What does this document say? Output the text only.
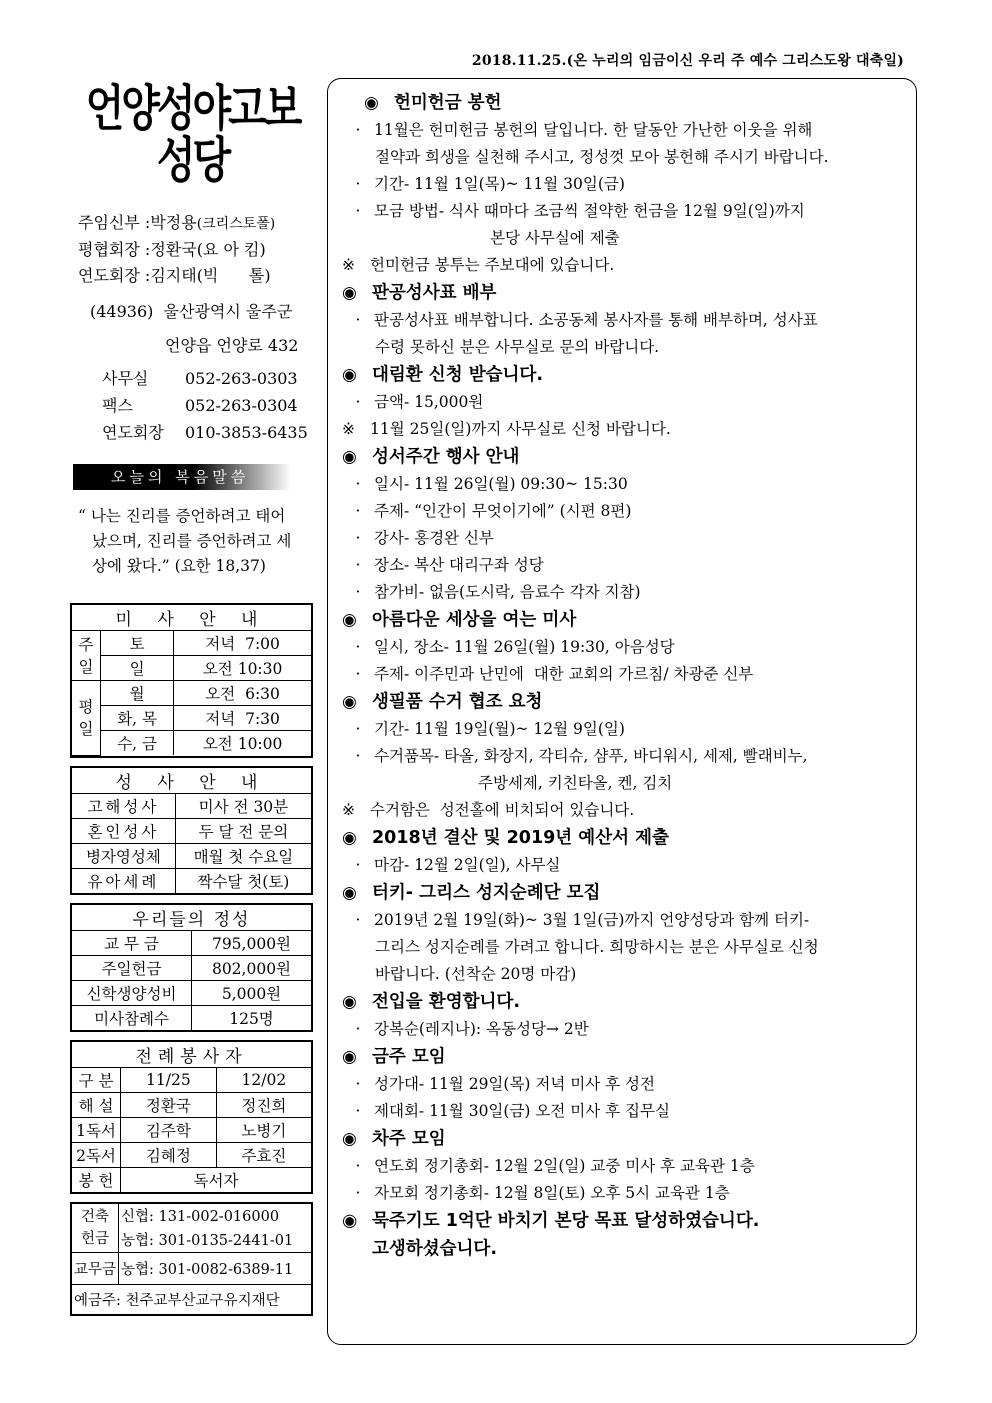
2018.11.25.(온 누리의 임금이신 우리 주 예수 그리스도왕 대축일)
언양성야고보
성당
주임신부 :박정용(크리스토폴)
평협회장 :정환국(요 아 킴)
연도회장 :김지태(빅      톨)
(44936)  울산광역시 울주군
언양읍 언양로 432
사무실 052-263-0303
팩스	052-263-0304
연도회장 010-3853-6435
오늘의 복음말씀
“ 나는 진리를 증언하려고 태어
났으며, 진리를 증언하려고 세
상에 왔다.” (요한 18,37)
미 사 안 내		
주일	토	저녁  7:00
	일	오전 10:30
평일	월	오전  6:30
	화, 목	저녁  7:30
	수, 금	오전 10:00
성 사 안 내	
고해성사	미사 전 30분
혼인성사	두 달 전 문의
병자영성체	매월 첫 수요일
유아세례	짝수달 첫(토)
우리들의 정성	
교 무 금	795,000원
주일헌금	802,000원
신학생양성비	5,000원
미사참례수	125명
전례봉사자		
구 분	11/25	12/02
해 설	정환국	정진희
1독서	김주학	노병기
2독서	김혜정	주효진
봉 헌	독서자	
건축헌금	신협: 131-002-016000
	농협: 301-0135-2441-01
교무금	농협: 301-0082-6389-11
예금주: 천주교부산교구유지재단	
◉ 헌미헌금 봉헌
· 11월은 헌미헌금 봉헌의 달입니다. 한 달동안 가난한 이웃을 위해
절약과 희생을 실천해 주시고, 정성껏 모아 봉헌해 주시기 바랍니다.
· 기간- 11월 1일(목)~ 11월 30일(금)
· 모금 방법- 식사 때마다 조금씩 절약한 헌금을 12월 9일(일)까지
본당 사무실에 제출
※ 헌미헌금 봉투는 주보대에 있습니다.
◉ 판공성사표 배부
· 판공성사표 배부합니다. 소공동체 봉사자를 통해 배부하며, 성사표
수령 못하신 분은 사무실로 문의 바랍니다.
◉ 대림환 신청 받습니다.
· 금액- 15,000원
※ 11월 25일(일)까지 사무실로 신청 바랍니다.
◉ 성서주간 행사 안내
· 일시- 11월 26일(월) 09:30~ 15:30
· 주제- “인간이 무엇이기에” (시편 8편)
· 강사- 홍경완 신부
· 장소- 복산 대리구좌 성당
· 참가비- 없음(도시락, 음료수 각자 지참)
◉ 아름다운 세상을 여는 미사
· 일시, 장소- 11월 26일(월) 19:30, 아음성당
· 주제- 이주민과 난민에  대한 교회의 가르침/ 차광준 신부
◉ 생필품 수거 협조 요청
· 기간- 11월 19일(월)~ 12월 9일(일)
· 수거품목- 타올, 화장지, 각티슈, 샴푸, 바디워시, 세제, 빨래비누,
주방세제, 키친타올, 켄, 김치
※ 수거함은  성전홀에 비치되어 있습니다.
◉ 2018년 결산 및 2019년 예산서 제출
· 마감- 12월 2일(일), 사무실
◉ 터키- 그리스 성지순례단 모집
· 2019년 2월 19일(화)~ 3월 1일(금)까지 언양성당과 함께 터키-
그리스 성지순례를 가려고 합니다. 희망하시는 분은 사무실로 신청
바랍니다. (선착순 20명 마감)
◉ 전입을 환영합니다.
· 강복순(레지나): 옥동성당→ 2반
◉ 금주 모임
· 성가대- 11월 29일(목) 저녁 미사 후 성전
· 제대회- 11월 30일(금) 오전 미사 후 집무실
◉ 차주 모임
· 연도회 정기총회- 12월 2일(일) 교중 미사 후 교육관 1층
· 자모회 정기총회- 12월 8일(토) 오후 5시 교육관 1층
◉ 묵주기도 1억단 바치기 본당 목표 달성하였습니다.
고생하셨습니다.
